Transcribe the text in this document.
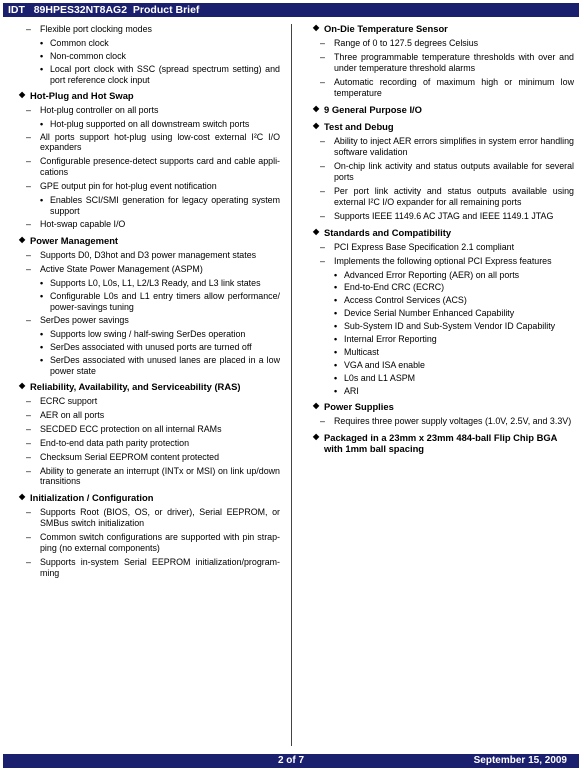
IDT 89HPES32NT8AG2 Product Brief
– Flexible port clocking modes
• Common clock
• Non-common clock
• Local port clock with SSC (spread spectrum setting) and port reference clock input
◆ Hot-Plug and Hot Swap
– Hot-plug controller on all ports
• Hot-plug supported on all downstream switch ports
– All ports support hot-plug using low-cost external I²C I/O expanders
– Configurable presence-detect supports card and cable appli-cations
– GPE output pin for hot-plug event notification
• Enables SCI/SMI generation for legacy operating system support
– Hot-swap capable I/O
◆ Power Management
– Supports D0, D3hot and D3 power management states
– Active State Power Management (ASPM)
• Supports L0, L0s, L1, L2/L3 Ready, and L3 link states
• Configurable L0s and L1 entry timers allow performance/ power-savings tuning
– SerDes power savings
• Supports low swing / half-swing SerDes operation
• SerDes associated with unused ports are turned off
• SerDes associated with unused lanes are placed in a low power state
◆ Reliability, Availability, and Serviceability (RAS)
– ECRC support
– AER on all ports
– SECDED ECC protection on all internal RAMs
– End-to-end data path parity protection
– Checksum Serial EEPROM content protected
– Ability to generate an interrupt (INTx or MSI) on link up/down transitions
◆ Initialization / Configuration
– Supports Root (BIOS, OS, or driver), Serial EEPROM, or SMBus switch initialization
– Common switch configurations are supported with pin strap-ping (no external components)
– Supports in-system Serial EEPROM initialization/program-ming
◆ On-Die Temperature Sensor
– Range of 0 to 127.5 degrees Celsius
– Three programmable temperature thresholds with over and under temperature threshold alarms
– Automatic recording of maximum high or minimum low temperature
◆ 9 General Purpose I/O
◆ Test and Debug
– Ability to inject AER errors simplifies in system error handling software validation
– On-chip link activity and status outputs available for several ports
– Per port link activity and status outputs available using external I²C I/O expander for all remaining ports
– Supports IEEE 1149.6 AC JTAG and IEEE 1149.1 JTAG
◆ Standards and Compatibility
– PCI Express Base Specification 2.1 compliant
– Implements the following optional PCI Express features
• Advanced Error Reporting (AER) on all ports
• End-to-End CRC (ECRC)
• Access Control Services (ACS)
• Device Serial Number Enhanced Capability
• Sub-System ID and Sub-System Vendor ID Capability
• Internal Error Reporting
• Multicast
• VGA and ISA enable
• L0s and L1 ASPM
• ARI
◆ Power Supplies
– Requires three power supply voltages (1.0V, 2.5V, and 3.3V)
◆ Packaged in a 23mm x 23mm 484-ball Flip Chip BGA with 1mm ball spacing
2 of 7	September 15, 2009
